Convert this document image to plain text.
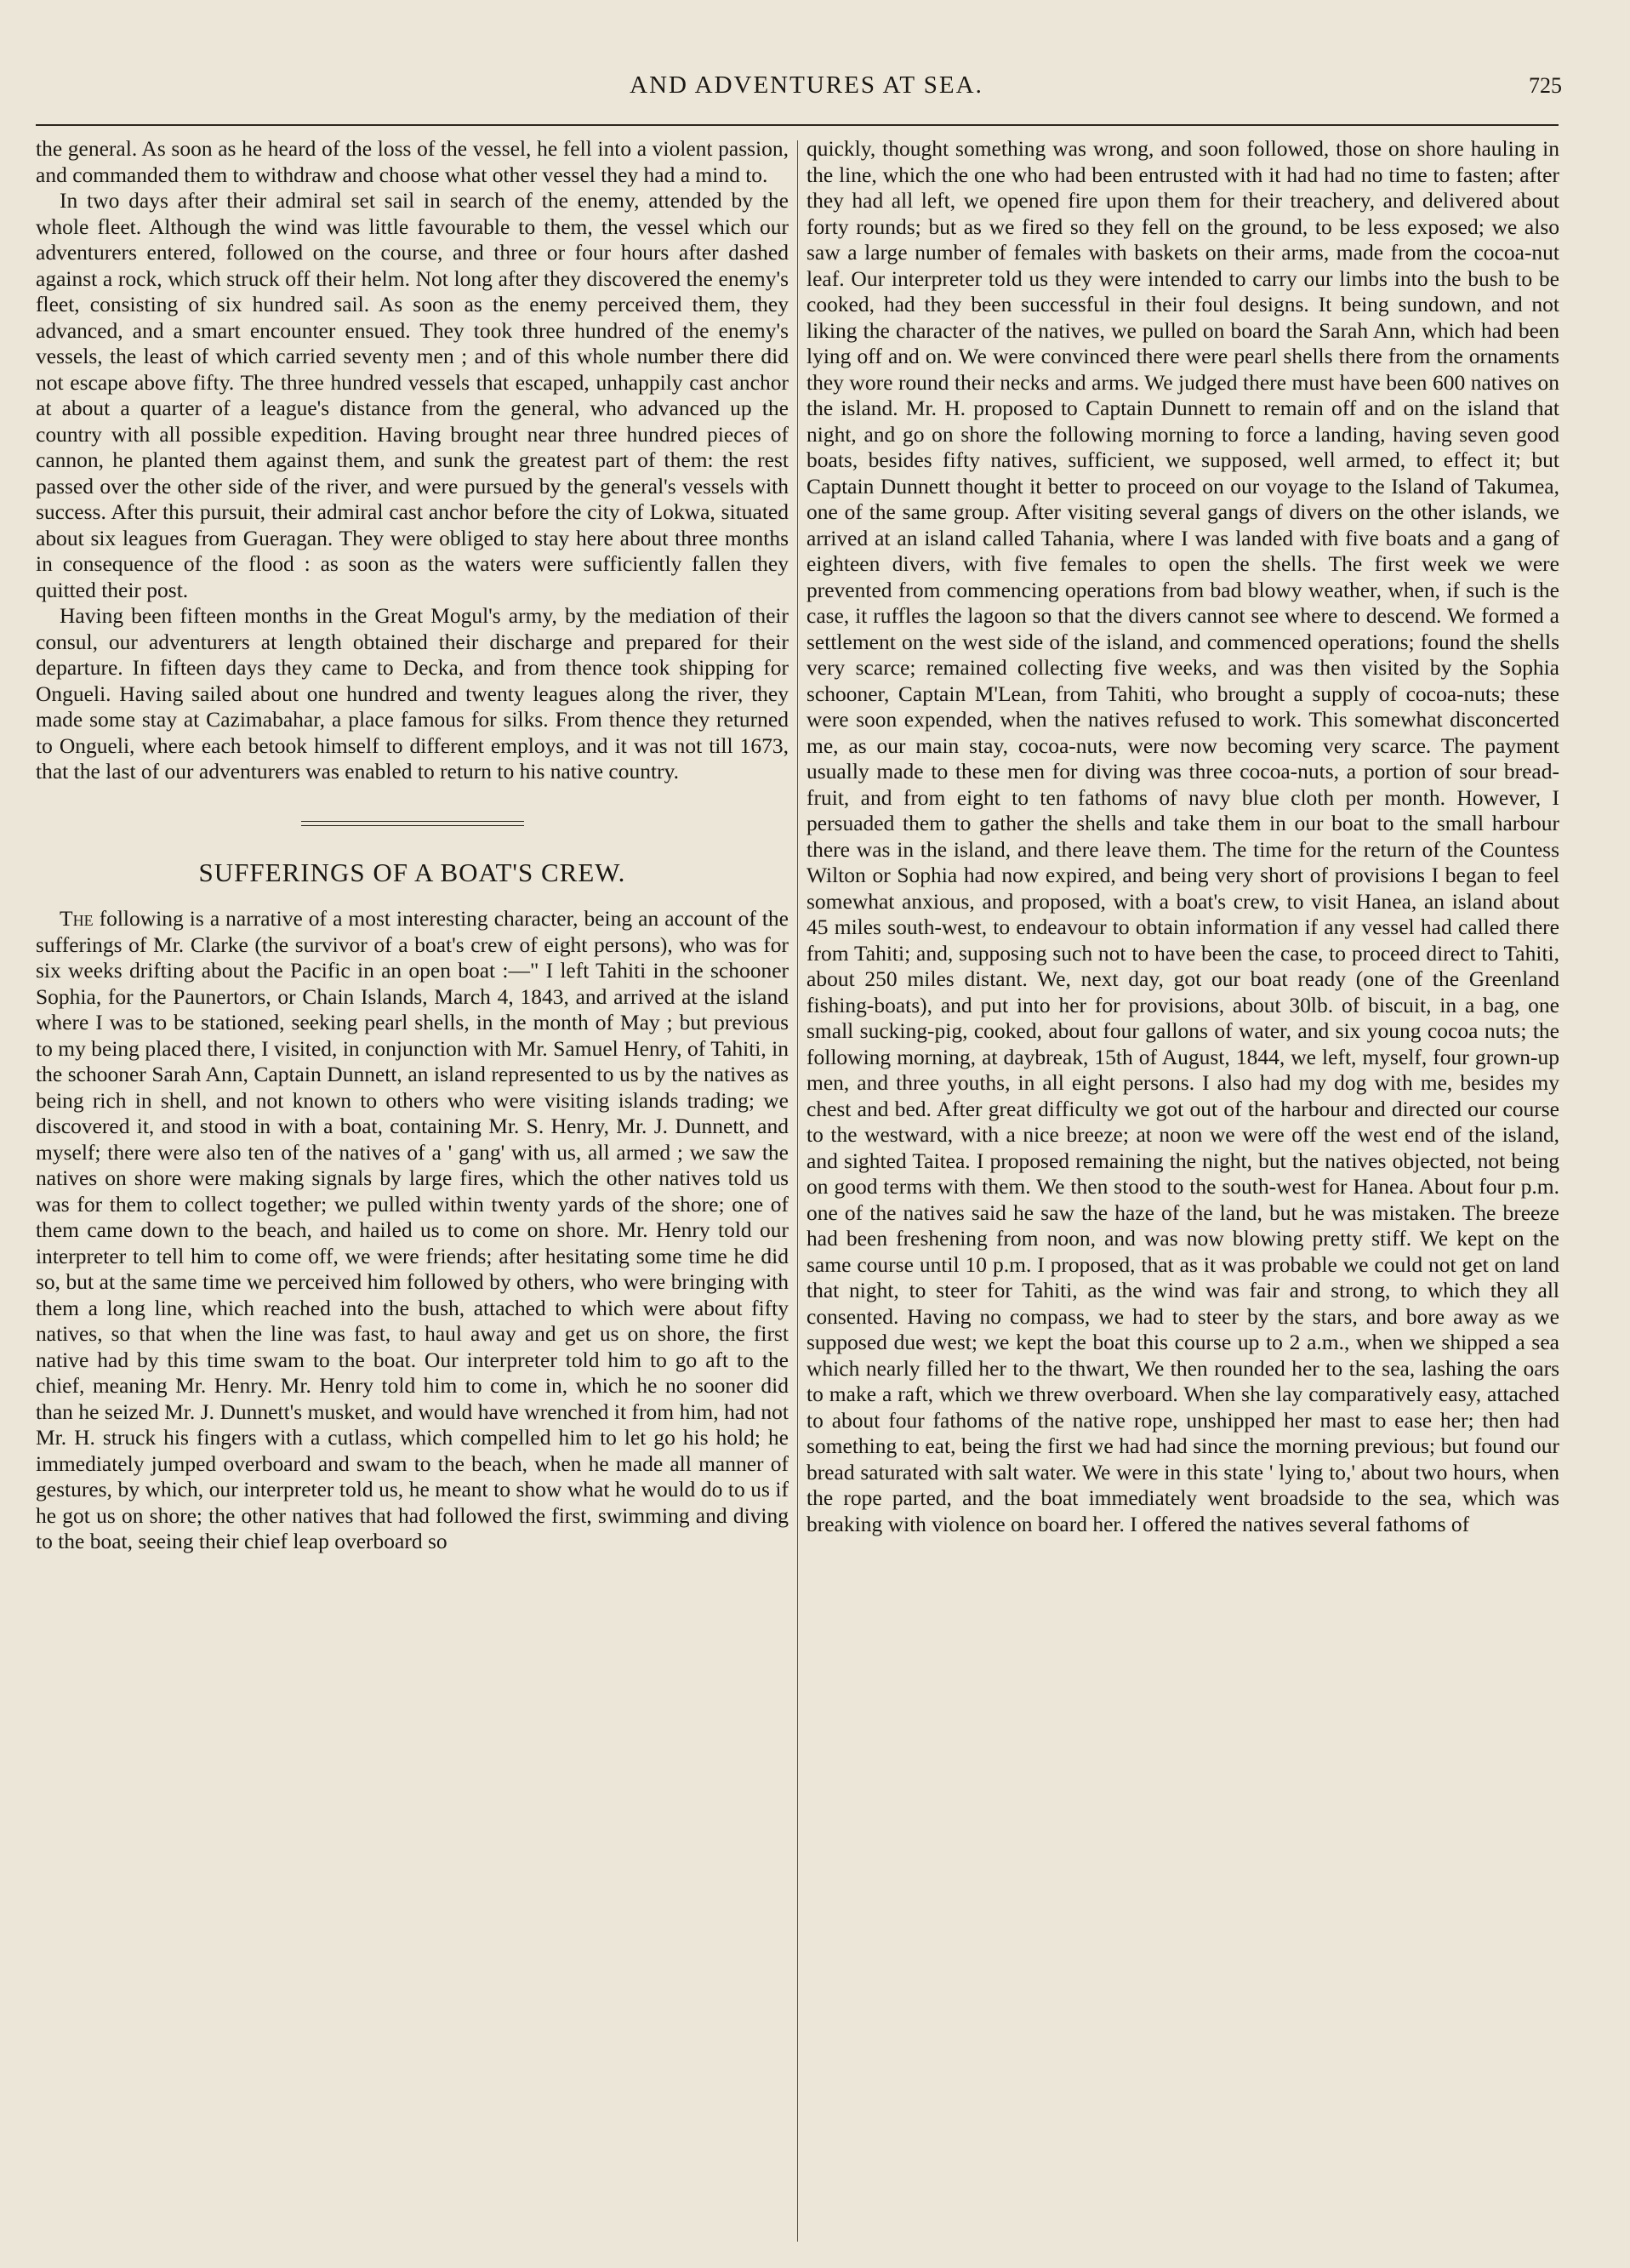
AND ADVENTURES AT SEA.	725

the general. As soon as he heard of the loss of the vessel, he fell into a violent passion, and commanded them to withdraw and choose what other vessel they had a mind to.

In two days after their admiral set sail in search of the enemy, attended by the whole fleet. Although the wind was little favourable to them, the vessel which our adventurers entered, followed on the course, and three or four hours after dashed against a rock, which struck off their helm. Not long after they discovered the enemy's fleet, consisting of six hundred sail. As soon as the enemy perceived them, they advanced, and a smart encounter ensued. They took three hundred of the enemy's vessels, the least of which carried seventy men ; and of this whole number there did not escape above fifty. The three hundred vessels that escaped, unhappily cast anchor at about a quarter of a league's distance from the general, who advanced up the country with all possible expedition. Having brought near three hundred pieces of cannon, he planted them against them, and sunk the greatest part of them: the rest passed over the other side of the river, and were pursued by the general's vessels with success. After this pursuit, their admiral cast anchor before the city of Lokwa, situated about six leagues from Gueragan. They were obliged to stay here about three months in consequence of the flood : as soon as the waters were sufficiently fallen they quitted their post.

Having been fifteen months in the Great Mogul's army, by the mediation of their consul, our adventurers at length obtained their discharge and prepared for their departure. In fifteen days they came to Decka, and from thence took shipping for Ongueli. Having sailed about one hundred and twenty leagues along the river, they made some stay at Cazimabahar, a place famous for silks. From thence they returned to Ongueli, where each betook himself to different employs, and it was not till 1673, that the last of our adventurers was enabled to return to his native country.

SUFFERINGS OF A BOAT'S CREW.

The following is a narrative of a most interesting character, being an account of the sufferings of Mr. Clarke (the survivor of a boat's crew of eight persons), who was for six weeks drifting about the Pacific in an open boat :—" I left Tahiti in the schooner Sophia, for the Paunertors, or Chain Islands, March 4, 1843, and arrived at the island where I was to be stationed, seeking pearl shells, in the month of May ; but previous to my being placed there, I visited, in conjunction with Mr. Samuel Henry, of Tahiti, in the schooner Sarah Ann, Captain Dunnett, an island represented to us by the natives as being rich in shell, and not known to others who were visiting islands trading; we discovered it, and stood in with a boat, containing Mr. S. Henry, Mr. J. Dunnett, and myself; there were also ten of the natives of a ' gang' with us, all armed ; we saw the natives on shore were making signals by large fires, which the other natives told us was for them to collect together; we pulled within twenty yards of the shore; one of them came down to the beach, and hailed us to come on shore. Mr. Henry told our interpreter to tell him to come off, we were friends; after hesitating some time he did so, but at the same time we perceived him followed by others, who were bringing with them a long line, which reached into the bush, attached to which were about fifty natives, so that when the line was fast, to haul away and get us on shore, the first native had by this time swam to the boat. Our interpreter told him to go aft to the chief, meaning Mr. Henry. Mr. Henry told him to come in, which he no sooner did than he seized Mr. J. Dunnett's musket, and would have wrenched it from him, had not Mr. H. struck his fingers with a cutlass, which compelled him to let go his hold; he immediately jumped overboard and swam to the beach, when he made all manner of gestures, by which, our interpreter told us, he meant to show what he would do to us if he got us on shore; the other natives that had followed the first, swimming and diving to the boat, seeing their chief leap overboard so

quickly, thought something was wrong, and soon followed, those on shore hauling in the line, which the one who had been entrusted with it had had no time to fasten; after they had all left, we opened fire upon them for their treachery, and delivered about forty rounds; but as we fired so they fell on the ground, to be less exposed; we also saw a large number of females with baskets on their arms, made from the cocoa-nut leaf. Our interpreter told us they were intended to carry our limbs into the bush to be cooked, had they been successful in their foul designs. It being sundown, and not liking the character of the natives, we pulled on board the Sarah Ann, which had been lying off and on. We were convinced there were pearl shells there from the ornaments they wore round their necks and arms. We judged there must have been 600 natives on the island. Mr. H. proposed to Captain Dunnett to remain off and on the island that night, and go on shore the following morning to force a landing, having seven good boats, besides fifty natives, sufficient, we supposed, well armed, to effect it; but Captain Dunnett thought it better to proceed on our voyage to the Island of Takumea, one of the same group. After visiting several gangs of divers on the other islands, we arrived at an island called Tahania, where I was landed with five boats and a gang of eighteen divers, with five females to open the shells. The first week we were prevented from commencing operations from bad blowy weather, when, if such is the case, it ruffles the lagoon so that the divers cannot see where to descend. We formed a settlement on the west side of the island, and commenced operations; found the shells very scarce; remained collecting five weeks, and was then visited by the Sophia schooner, Captain M'Lean, from Tahiti, who brought a supply of cocoa-nuts; these were soon expended, when the natives refused to work. This somewhat disconcerted me, as our main stay, cocoa-nuts, were now becoming very scarce. The payment usually made to these men for diving was three cocoa-nuts, a portion of sour bread-fruit, and from eight to ten fathoms of navy blue cloth per month. However, I persuaded them to gather the shells and take them in our boat to the small harbour there was in the island, and there leave them. The time for the return of the Countess Wilton or Sophia had now expired, and being very short of provisions I began to feel somewhat anxious, and proposed, with a boat's crew, to visit Hanea, an island about 45 miles south-west, to endeavour to obtain information if any vessel had called there from Tahiti; and, supposing such not to have been the case, to proceed direct to Tahiti, about 250 miles distant. We, next day, got our boat ready (one of the Greenland fishing-boats), and put into her for provisions, about 30lb. of biscuit, in a bag, one small sucking-pig, cooked, about four gallons of water, and six young cocoa nuts; the following morning, at daybreak, 15th of August, 1844, we left, myself, four grown-up men, and three youths, in all eight persons. I also had my dog with me, besides my chest and bed. After great difficulty we got out of the harbour and directed our course to the westward, with a nice breeze; at noon we were off the west end of the island, and sighted Taitea. I proposed remaining the night, but the natives objected, not being on good terms with them. We then stood to the south-west for Hanea. About four p.m. one of the natives said he saw the haze of the land, but he was mistaken. The breeze had been freshening from noon, and was now blowing pretty stiff. We kept on the same course until 10 p.m. I proposed, that as it was probable we could not get on land that night, to steer for Tahiti, as the wind was fair and strong, to which they all consented. Having no compass, we had to steer by the stars, and bore away as we supposed due west; we kept the boat this course up to 2 a.m., when we shipped a sea which nearly filled her to the thwart, We then rounded her to the sea, lashing the oars to make a raft, which we threw overboard. When she lay comparatively easy, attached to about four fathoms of the native rope, unshipped her mast to ease her; then had something to eat, being the first we had had since the morning previous; but found our bread saturated with salt water. We were in this state ' lying to,' about two hours, when the rope parted, and the boat immediately went broadside to the sea, which was breaking with violence on board her. I offered the natives several fathoms of
